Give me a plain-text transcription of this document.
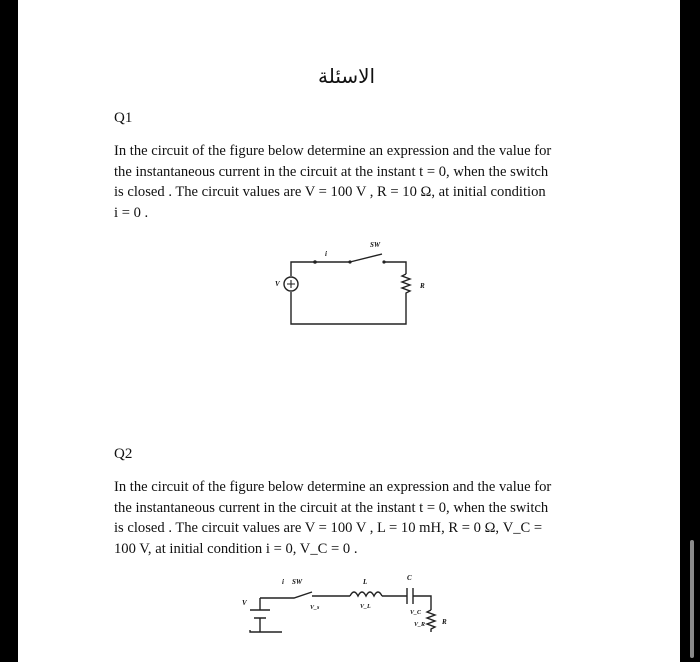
الاسئلة
Q1

In the circuit of the figure below determine an expression and the value for
the instantaneous current in the circuit at the instant t = 0, when the switch
is closed . The circuit values are V = 100 V , R = 10 Ω, at initial condition
i = 0 .

i
SW
V	R
Q2

In the circuit of the figure below determine an expression and the value for
the instantaneous current in the circuit at the instant t = 0, when the switch
is closed . The circuit values are V = 100 V , L = 10 mH, R = 0 Ω, V_C =
100 V, at initial condition i = 0, V_C = 0 .

i SW
V_s
L
V_L
C
V_C
R
V_R
V
